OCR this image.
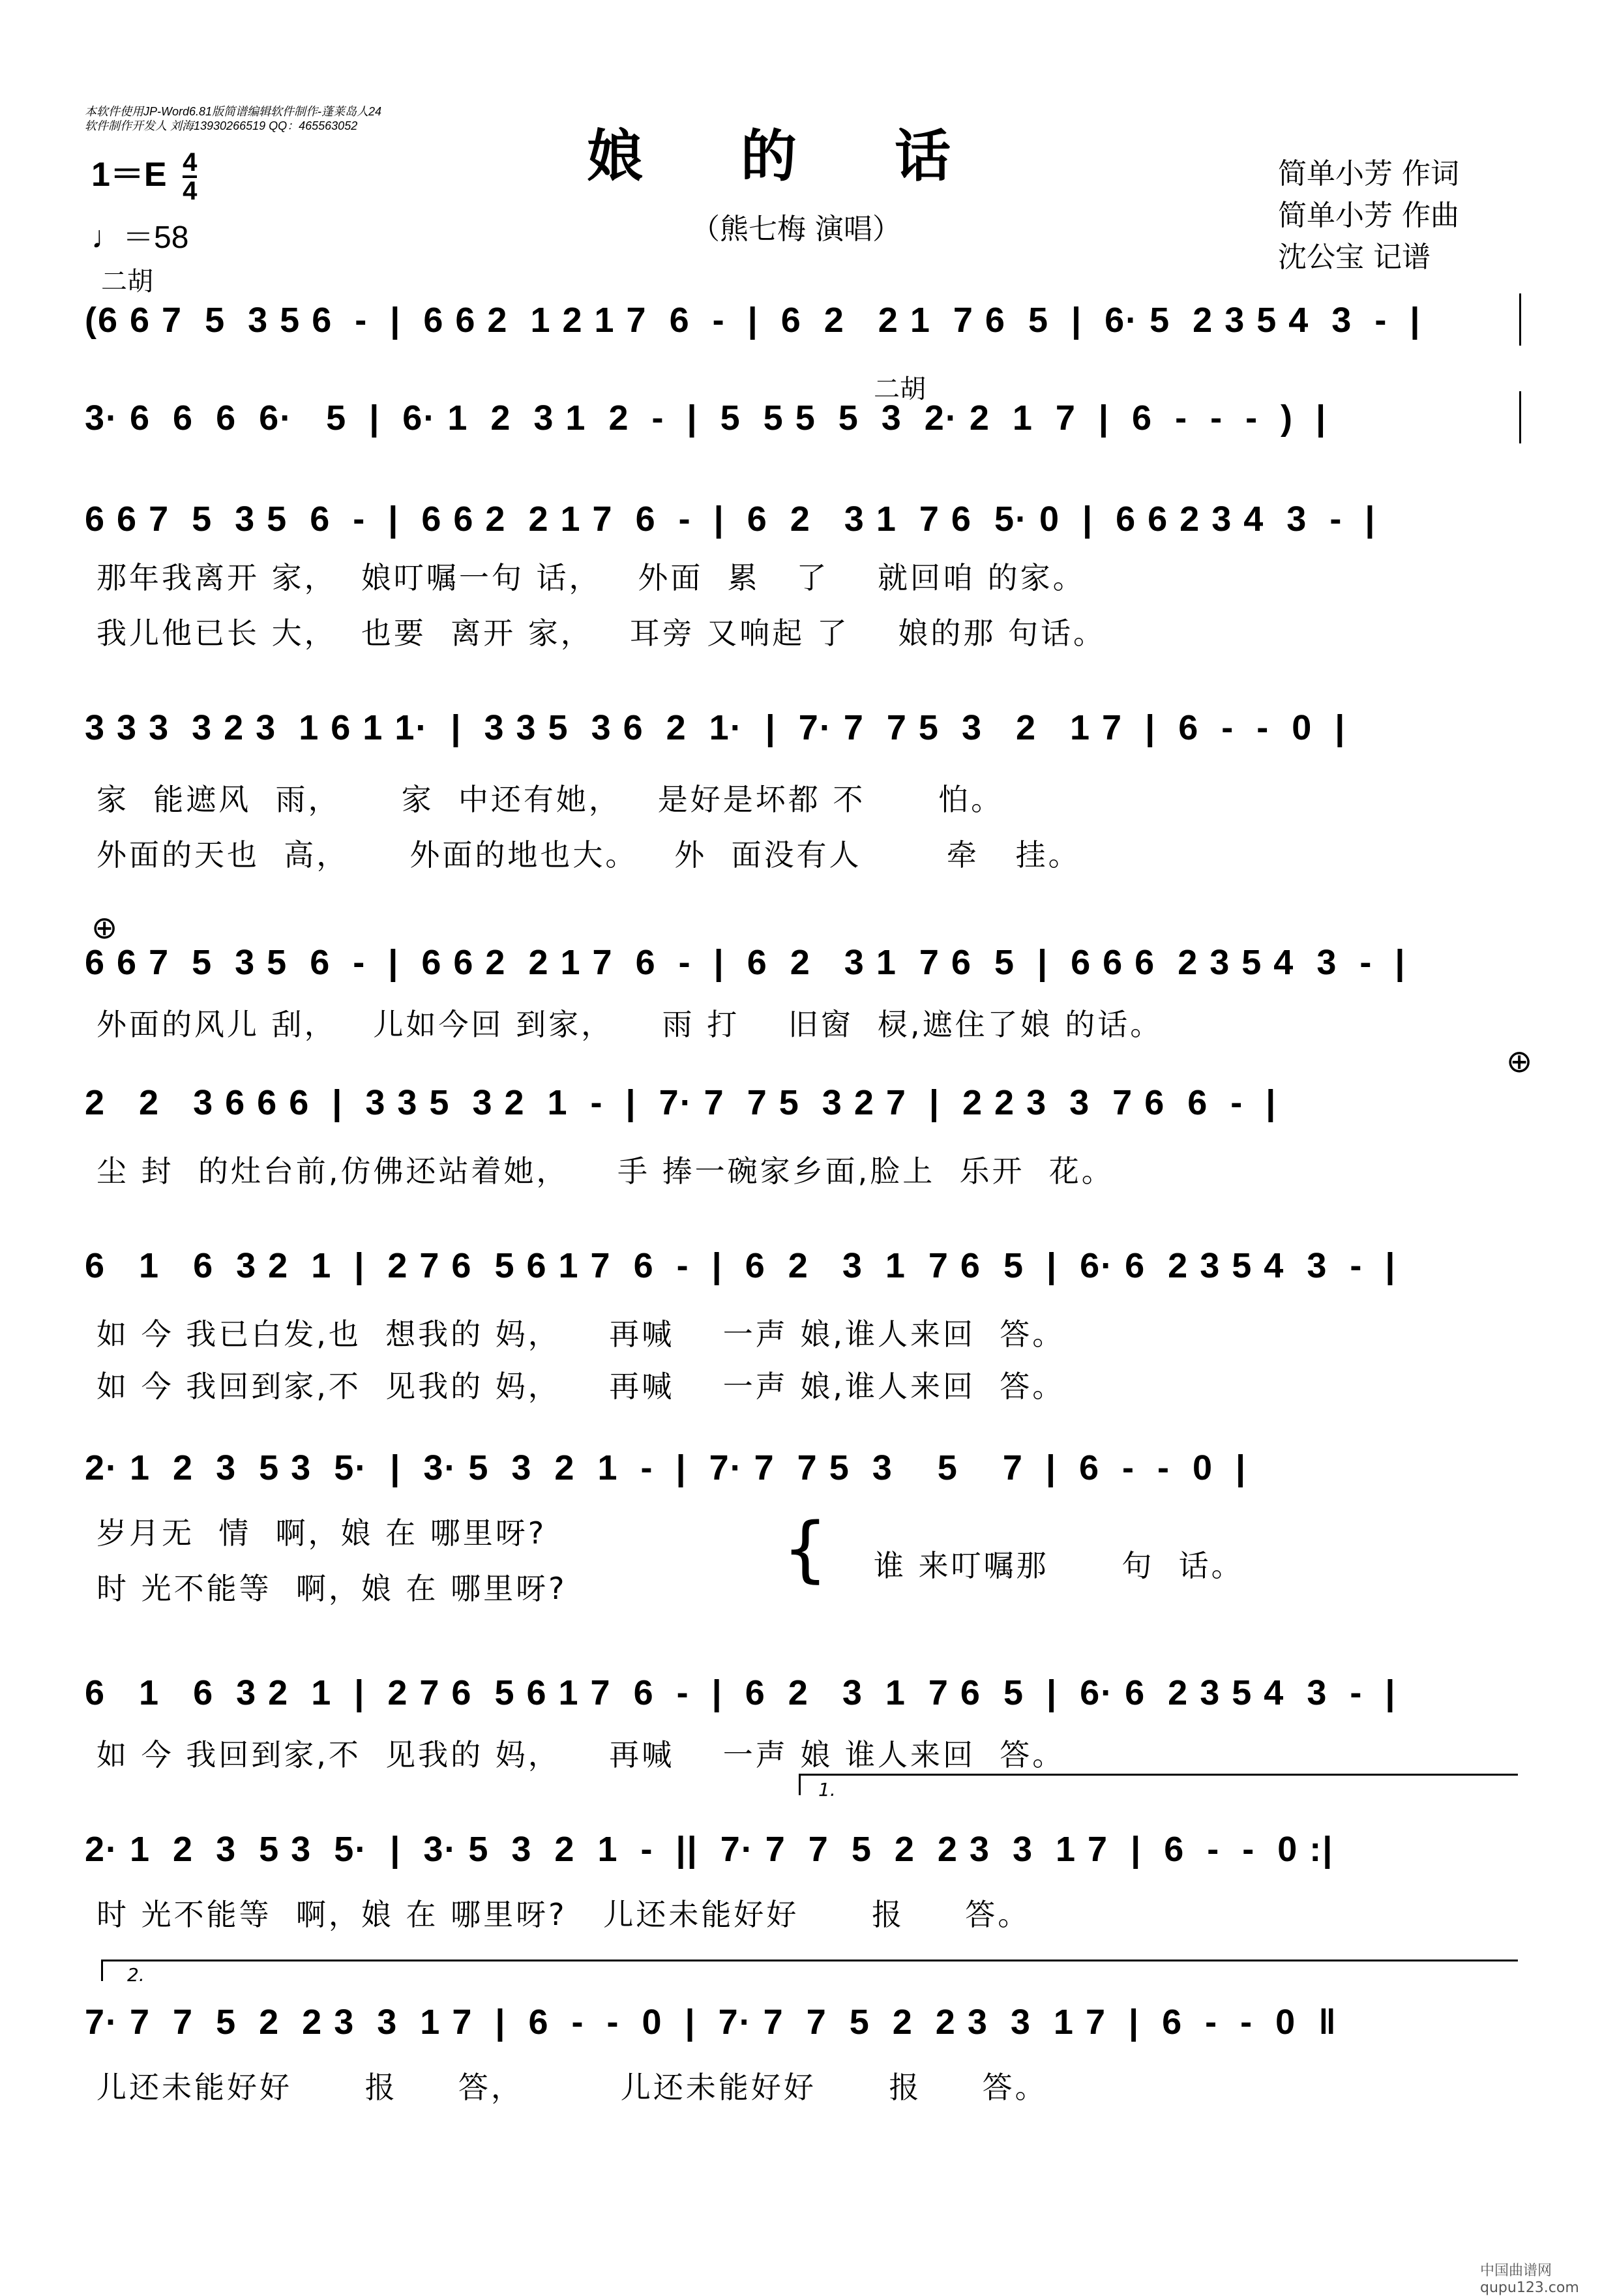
本软件使用JP-Word6.81版简谱编辑软件制作-蓬莱岛人24
软件制作开发人 刘海13930266519 QQ：465563052	娘的话
（熊七梅 演唱）
$1=E \frac{4}{4}$
♩＝58
简单小芳 作词
简单小芳 作曲
沈公宝 记谱
二胡
二胡
⊕
⊕
(6 6 7  5  3 5 6  -  |  6 6 2  1 2 1 7  6  -  |  6  2   2 1  7 6  5  |  6· 5  2 3 5 4  3  -  |
3· 6  6  6  6·   5  |  6· 1  2  3 1  2  -  |  5  5 5  5  3  2· 2  1  7  |  6  -  -  -  )  |
6 6 7  5  3 5  6  -  |  6 6 2  2 1 7  6  -  |  6  2   3 1  7 6  5· 0  |  6 6 2 3 4  3  -  |
那年我离开 家，  娘叮嘱一句 话，   外面  累   了    就回咱 的家。
我儿他已长 大，  也要  离开 家，   耳旁 又响起 了    娘的那 句话。
3 3 3  3 2 3  1 6 1 1·  |  3 3 5  3 6  2  1·  |  7· 7  7 5  3   2   1 7  |  6  -  -  0  |
家  能遮风  雨，     家  中还有她，   是好是坏都 不      怕。
外面的天也  高，     外面的地也大。   外  面没有人       牵   挂。
6 6 7  5  3 5  6  -  |  6 6 2  2 1 7  6  -  |  6  2   3 1  7 6  5  |  6 6 6  2 3 5 4  3  -  |
外面的风儿 刮，   儿如今回 到家，    雨 打    旧窗  棂,遮住了娘 的话。
2   2   3 6 6 6  |  3 3 5  3 2  1  -  |  7· 7  7 5  3 2 7  |  2 2 3  3  7 6  6  -  |
尘 封  的灶台前,仿佛还站着她，    手 捧一碗家乡面,脸上  乐开  花。
6   1   6  3 2  1  |  2 7 6  5 6 1 7  6  -  |  6  2   3  1  7 6  5  |  6· 6  2 3 5 4  3  -  |
如 今 我已白发,也  想我的 妈，    再喊    一声 娘,谁人来回  答。
如 今 我回到家,不  见我的 妈，    再喊    一声 娘,谁人来回  答。
2· 1  2  3  5 3  5·  |  3· 5  3  2  1  -  |  7· 7  7 5  3    5    7  |  6  -  -  0  |
岁月无  情  啊，娘 在 哪里呀?
时 光不能等  啊，娘 在 哪里呀?	{ 谁 来叮嘱那      句  话。
6   1   6  3 2  1  |  2 7 6  5 6 1 7  6  -  |  6  2   3  1  7 6  5  |  6· 6  2 3 5 4  3  -  |
如 今 我回到家,不  见我的 妈，    再喊    一声 娘 谁人来回  答。
1.
2· 1  2  3  5 3  5·  |  3· 5  3  2  1  -  ||  7· 7  7  5  2  2 3  3  1 7  |  6  -  -  0 :|
时 光不能等  啊，娘 在 哪里呀?   儿还未能好好      报     答。
2.
7· 7  7  5  2  2 3  3  1 7  |  6  -  -  0  |  7· 7  7  5  2  2 3  3  1 7  |  6  -  -  0  ‖
儿还未能好好      报     答，        儿还未能好好      报     答。
中国曲谱网 qupu123.com
